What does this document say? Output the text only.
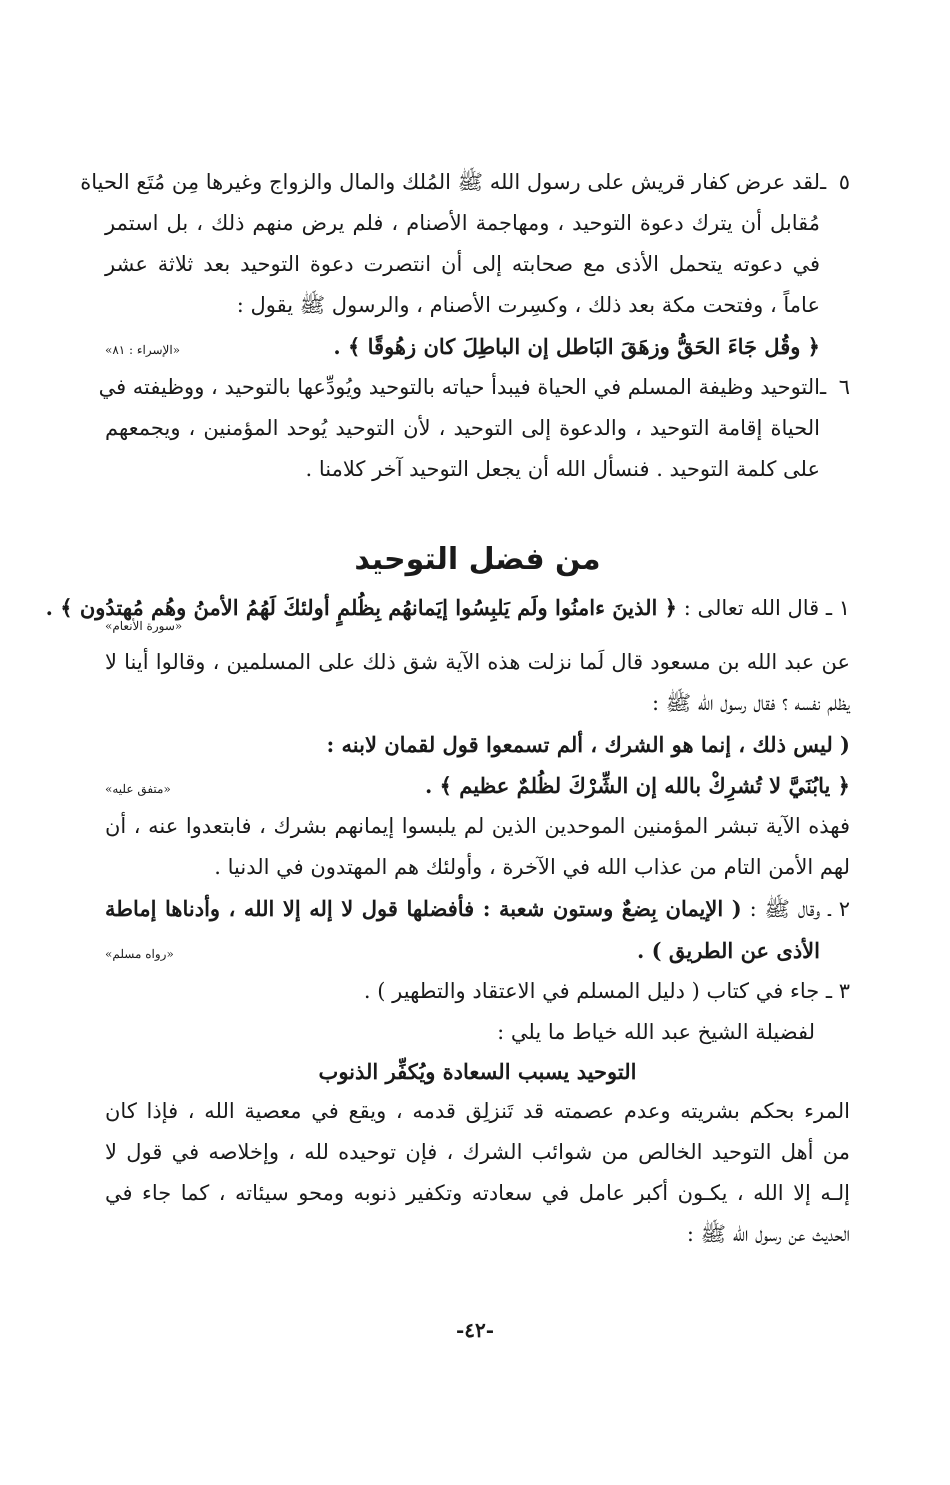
٥ ـلقد عرض كفار قريش على رسول الله ﷺ المُلك والمال والزواج وغيرها مِن مُتَع الحياة
مُقابل أن يترك دعوة التوحيد ، ومهاجمة الأصنام ، فلم يرض منهم ذلك ، بل استمر
في دعوته يتحمل الأذى مع صحابته إلى أن انتصرت دعوة التوحيد بعد ثلاثة عشر
عاماً ، وفتحت مكة بعد ذلك ، وكسِرت الأصنام ، والرسول ﷺ يقول :
﴿ وقُل جَاءَ الحَقُّ وزهَقَ البَاطل إن الباطِلَ كان زهُوقًا ﴾ .
«الإسراء : ٨١»
٦ ـالتوحيد وظيفة المسلم في الحياة فيبدأ حياته بالتوحيد ويُودِّعها بالتوحيد ، ووظيفته في
الحياة إقامة التوحيد ، والدعوة إلى التوحيد ، لأن التوحيد يُوحد المؤمنين ، ويجمعهم
على كلمة التوحيد . فنسأل الله أن يجعل التوحيد آخر كلامنا .
من فضل التوحيد
١ ـ قال الله تعالى : ﴿ الذينَ ءامنُوا ولَم يَلبِسُوا إيَمانهُم بِظُلمٍ أولئكَ لَهُمُ الأمنُ وهُم مُهتدُون ﴾ .
«سورة الأنعام»
عن عبد الله بن مسعود قال لَما نزلت هذه الآية شق ذلك على المسلمين ، وقالوا أينا لا
يظلم نفسه ؟ فقال رسول الله ﷺ :
( ليس ذلك ، إنما هو الشرك ، ألم تسمعوا قول لقمان لابنه :
﴿ يابُنَيَّ لا تُشرِكْ بالله إن الشِّرْكَ لظُلمٌ عظيم ﴾ .
«متفق عليه»
فهذه الآية تبشر المؤمنين الموحدين الذين لم يلبسوا إيمانهم بشرك ، فابتعدوا عنه ، أن
لهم الأمن التام من عذاب الله في الآخرة ، وأولئك هم المهتدون في الدنيا .
٢ ـ وقال ﷺ : ( الإيمان بِضعٌ وستون شعبة : فأفضلها قول لا إله إلا الله ، وأدناها إماطة
الأذى عن الطريق ) .
«رواه مسلم»
٣ ـ جاء في كتاب ( دليل المسلم في الاعتقاد والتطهير ) .
لفضيلة الشيخ عبد الله خياط ما يلي :
التوحيد يسبب السعادة ويُكفِّر الذنوب
المرء بحكم بشريته وعدم عصمته قد تَنزلِق قدمه ، ويقع في معصية الله ، فإذا كان
من أهل التوحيد الخالص من شوائب الشرك ، فإن توحيده لله ، وإخلاصه في قول لا
إلـه إلا الله ، يكـون أكبر عامل في سعادته وتكفير ذنوبه ومحو سيئاته ، كما جاء في
الحديث عن رسول الله ﷺ :
-٤٢-
